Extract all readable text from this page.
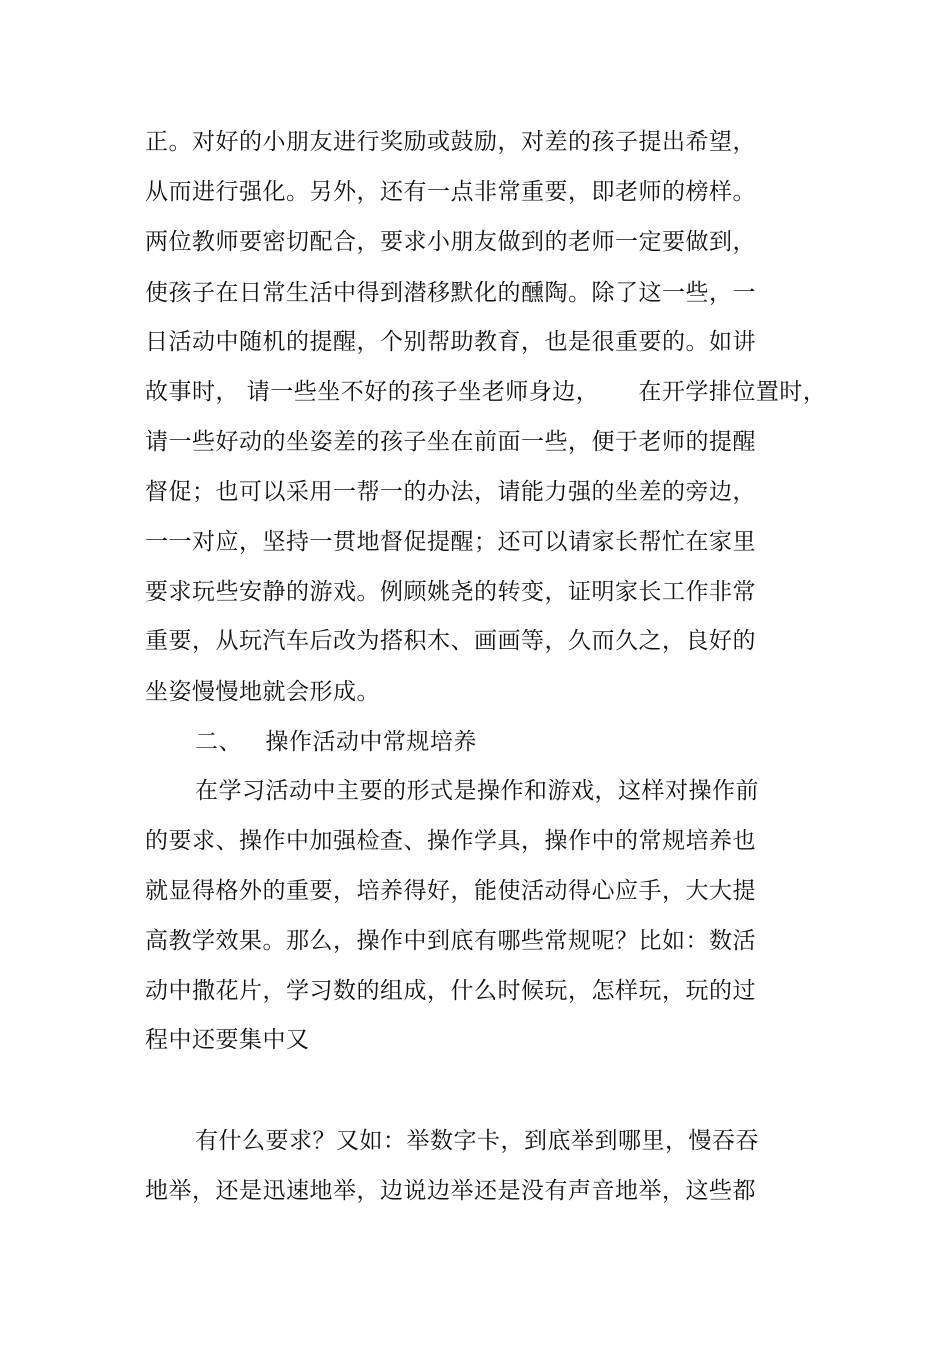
正。对好的小朋友进行奖励或鼓励，对差的孩子提出希望，
从而进行强化。另外，还有一点非常重要，即老师的榜样。
两位教师要密切配合，要求小朋友做到的老师一定要做到，
使孩子在日常生活中得到潜移默化的醺陶。除了这一些，一
日活动中随机的提醒，个别帮助教育，也是很重要的。如讲
故事时， 请一些坐不好的孩子坐老师身边，     在开学排位置时，
请一些好动的坐姿差的孩子坐在前面一些，便于老师的提醒
督促；也可以采用一帮一的办法，请能力强的坐差的旁边，
一一对应，坚持一贯地督促提醒；还可以请家长帮忙在家里
要求玩些安静的游戏。例顾姚尧的转变，证明家长工作非常
重要，从玩汽车后改为搭积木、画画等，久而久之，良好的
坐姿慢慢地就会形成。
二、   操作活动中常规培养
在学习活动中主要的形式是操作和游戏，这样对操作前
的要求、操作中加强检查、操作学具，操作中的常规培养也
就显得格外的重要，培养得好，能使活动得心应手，大大提
高教学效果。那么，操作中到底有哪些常规呢？比如：数活
动中撒花片，学习数的组成，什么时候玩，怎样玩，玩的过
程中还要集中又
有什么要求？又如：举数字卡，到底举到哪里，慢吞吞
地举，还是迅速地举，边说边举还是没有声音地举，这些都
